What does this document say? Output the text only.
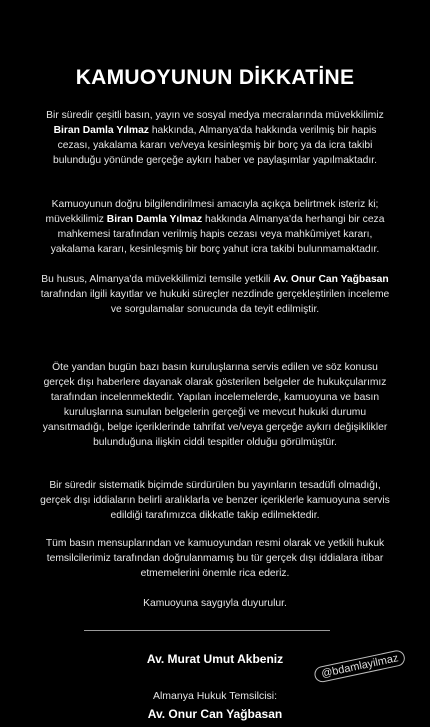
KAMUOYUNUN DİKKATİNE

Bir süredir çeşitli basın, yayın ve sosyal medya mecralarında müvekkilimiz Biran Damla Yılmaz hakkında, Almanya'da hakkında verilmiş bir hapis cezası, yakalama kararı ve/veya kesinleşmiş bir borç ya da icra takibi bulunduğu yönünde gerçeğe aykırı haber ve paylaşımlar yapılmaktadır.

Kamuoyunun doğru bilgilendirilmesi amacıyla açıkça belirtmek isteriz ki; müvekkilimiz Biran Damla Yılmaz hakkında Almanya'da herhangi bir ceza mahkemesi tarafından verilmiş hapis cezası veya mahkûmiyet kararı, yakalama kararı, kesinleşmiş bir borç yahut icra takibi bulunmamaktadır.

Bu husus, Almanya'da müvekkilimizi temsile yetkili Av. Onur Can Yağbasan tarafından ilgili kayıtlar ve hukuki süreçler nezdinde gerçekleştirilen inceleme ve sorgulamalar sonucunda da teyit edilmiştir.

Öte yandan bugün bazı basın kuruluşlarına servis edilen ve söz konusu gerçek dışı haberlere dayanak olarak gösterilen belgeler de hukukçularımız tarafından incelenmektedir. Yapılan incelemelerde, kamuoyuna ve basın kuruluşlarına sunulan belgelerin gerçeği ve mevcut hukuki durumu yansıtmadığı, belge içeriklerinde tahrifat ve/veya gerçeğe aykırı değişiklikler bulunduğuna ilişkin ciddi tespitler olduğu görülmüştür.

Bir süredir sistematik biçimde sürdürülen bu yayınların tesadüfi olmadığı, gerçek dışı iddiaların belirli aralıklarla ve benzer içeriklerle kamuoyuna servis edildiği tarafımızca dikkatle takip edilmektedir.

Tüm basın mensuplarından ve kamuoyundan resmi olarak ve yetkili hukuk temsilcilerimiz tarafından doğrulanmamış bu tür gerçek dışı iddialara itibar etmemelerini önemle rica ederiz.

Kamuoyuna saygıyla duyurulur.

Av. Murat Umut Akbeniz

Almanya Hukuk Temsilcisi:

Av. Onur Can Yağbasan

@bdamlayilmaz
